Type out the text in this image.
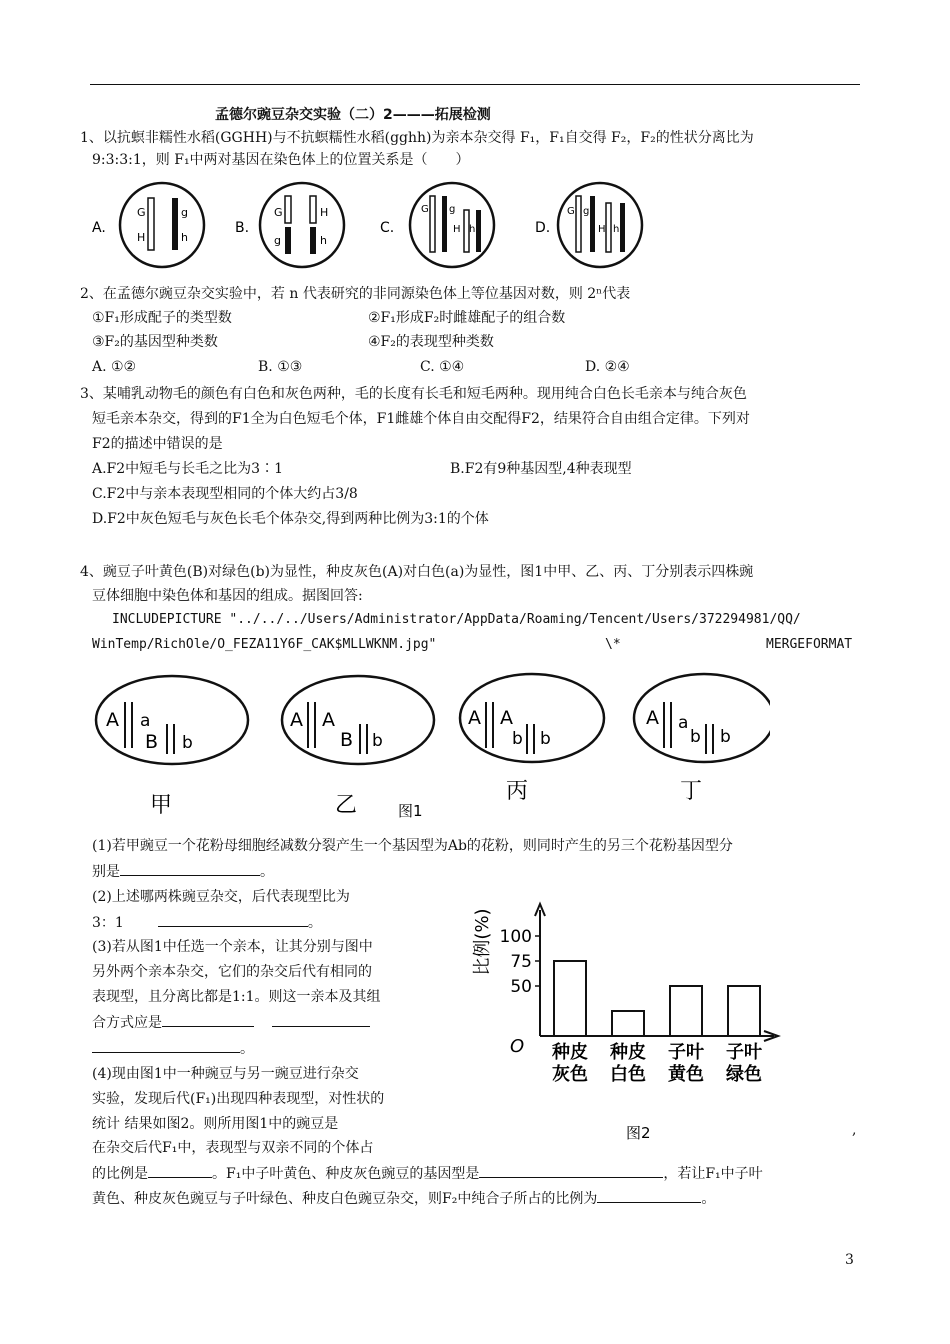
孟德尔豌豆杂交实验（二）2———拓展检测
1、以抗螟非糯性水稻(GGHH)与不抗螟糯性水稻(gghh)为亲本杂交得 F₁，F₁自交得 F₂，F₂的性状分离比为
9:3:3:1，则 F₁中两对基因在染色体上的位置关系是（　　）
A.
G
H
g
h
B.
G
g
H
h
C.
G g
H h	D.
G g
H h
2、在孟德尔豌豆杂交实验中，若 n 代表研究的非同源染色体上等位基因对数，则 2ⁿ代表
①F₁形成配子的类型数	②F₁形成F₂时雌雄配子的组合数
③F₂的基因型种类数	④F₂的表现型种类数
A. ①②	B. ①③	C. ①④	D. ②④
3、某哺乳动物毛的颜色有白色和灰色两种，毛的长度有长毛和短毛两种。现用纯合白色长毛亲本与纯合灰色
短毛亲本杂交，得到的F1全为白色短毛个体，F1雌雄个体自由交配得F2，结果符合自由组合定律。下列对
F2的描述中错误的是
A.F2中短毛与长毛之比为3∶1	B.F2有9种基因型,4种表现型
C.F2中与亲本表现型相同的个体大约占3/8
D.F2中灰色短毛与灰色长毛个体杂交,得到两种比例为3:1的个体
4、豌豆子叶黄色(B)对绿色(b)为显性，种皮灰色(A)对白色(a)为显性，图1中甲、乙、丙、丁分别表示四株豌
豆体细胞中染色体和基因的组成。据图回答:
INCLUDEPICTURE "../../../Users/Administrator/AppData/Roaming/Tencent/Users/372294981/QQ/
WinTemp/RichOle/O_FEZA11Y6F_CAK$MLLWKNM.jpg"	\*	MERGEFORMAT
A a
B b
甲
A A
B b
乙
A A
b b
丙
A a
b b
丁
图1
(1)若甲豌豆一个花粉母细胞经减数分裂产生一个基因型为Ab的花粉，则同时产生的另三个花粉基因型分
别是	。
(2)上述哪两株豌豆杂交，后代表现型比为
3：1	。
(3)若从图1中任选一个亲本，让其分别与图中
另外两个亲本杂交，它们的杂交后代有相同的
表现型，且分离比都是1:1。则这一亲本及其组
合方式应是
。
(4)现由图1中一种豌豆与另一豌豆进行杂交
实验，发现后代(F₁)出现四种表现型，对性状的
统计 结果如图2。则所用图1中的豌豆是
在杂交后代F₁中，表现型与双亲不同的个体占
,
的比例是	。F₁中子叶黄色、种皮灰色豌豆的基因型是	，若让F₁中子叶
黄色、种皮灰色豌豆与子叶绿色、种皮白色豌豆杂交，则F₂中纯合子所占的比例为	。
比例(%)
O
50
75
100
种皮
灰色
种皮
白色
子叶
黄色
子叶
绿色
图2
3
